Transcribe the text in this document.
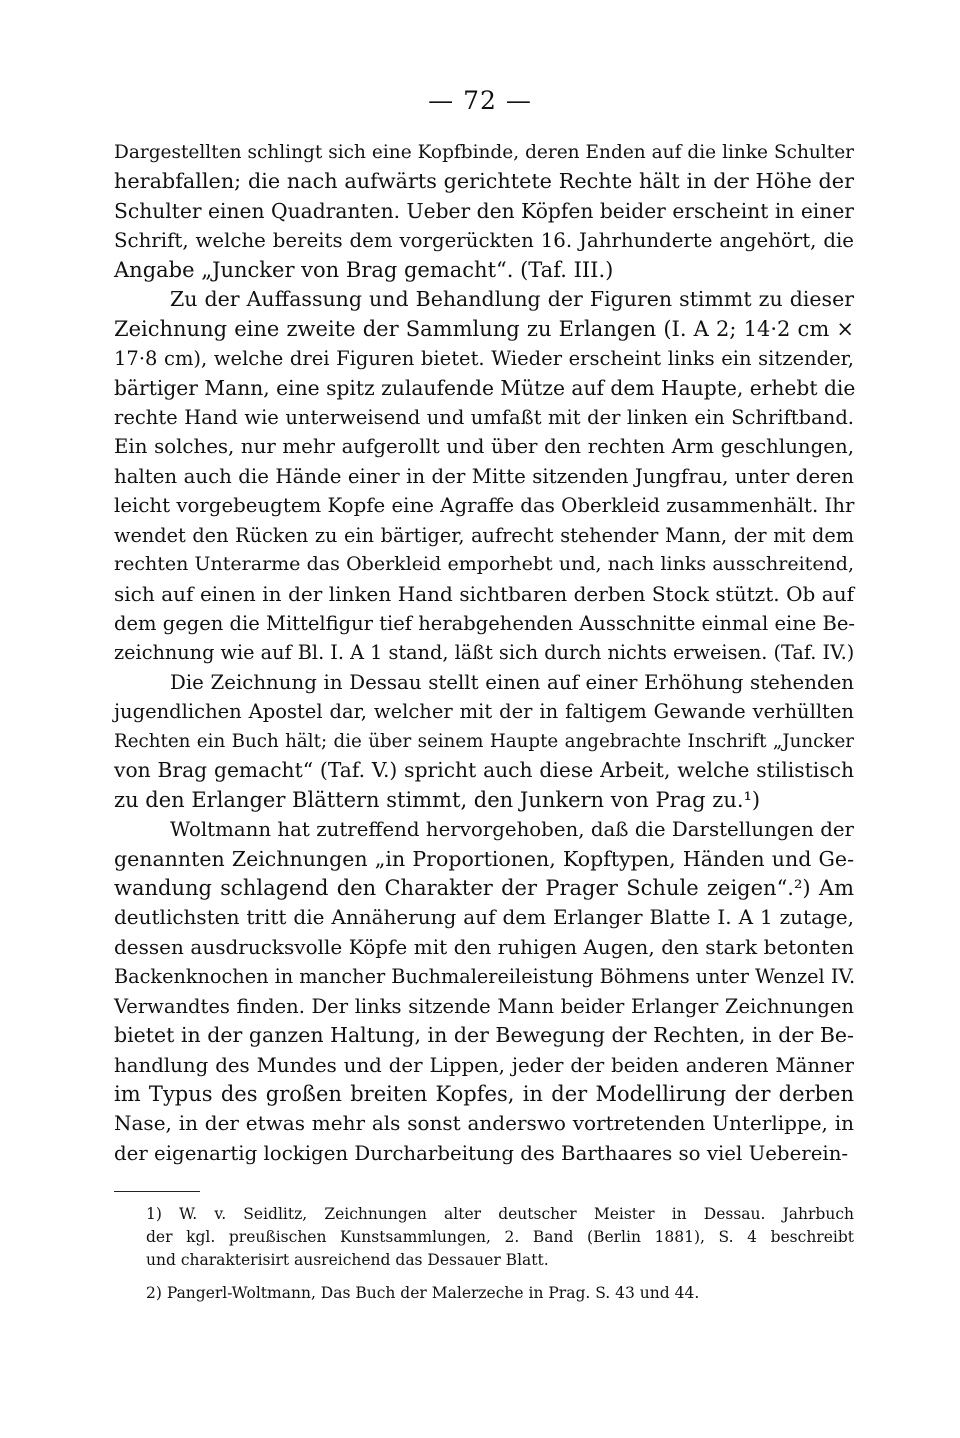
— 72 —
Dargestellten schlingt sich eine Kopfbinde, deren Enden auf die linke Schulter
herabfallen; die nach aufwärts gerichtete Rechte hält in der Höhe der
Schulter einen Quadranten. Ueber den Köpfen beider erscheint in einer
Schrift, welche bereits dem vorgerückten 16. Jahrhunderte angehört, die
Angabe „Juncker von Brag gemacht“. (Taf. III.)
Zu der Auffassung und Behandlung der Figuren stimmt zu dieser
Zeichnung eine zweite der Sammlung zu Erlangen (I. A 2; 14·2 cm ×
17·8 cm), welche drei Figuren bietet. Wieder erscheint links ein sitzender,
bärtiger Mann, eine spitz zulaufende Mütze auf dem Haupte, erhebt die
rechte Hand wie unterweisend und umfaßt mit der linken ein Schriftband.
Ein solches, nur mehr aufgerollt und über den rechten Arm geschlungen,
halten auch die Hände einer in der Mitte sitzenden Jungfrau, unter deren
leicht vorgebeugtem Kopfe eine Agraffe das Oberkleid zusammenhält. Ihr
wendet den Rücken zu ein bärtiger, aufrecht stehender Mann, der mit dem
rechten Unterarme das Oberkleid emporhebt und, nach links ausschreitend,
sich auf einen in der linken Hand sichtbaren derben Stock stützt. Ob auf
dem gegen die Mittelfigur tief herabgehenden Ausschnitte einmal eine Be-
zeichnung wie auf Bl. I. A 1 stand, läßt sich durch nichts erweisen. (Taf. IV.)
Die Zeichnung in Dessau stellt einen auf einer Erhöhung stehenden
jugendlichen Apostel dar, welcher mit der in faltigem Gewande verhüllten
Rechten ein Buch hält; die über seinem Haupte angebrachte Inschrift „Juncker
von Brag gemacht“ (Taf. V.) spricht auch diese Arbeit, welche stilistisch
zu den Erlanger Blättern stimmt, den Junkern von Prag zu.¹)
Woltmann hat zutreffend hervorgehoben, daß die Darstellungen der
genannten Zeichnungen „in Proportionen, Kopftypen, Händen und Ge-
wandung schlagend den Charakter der Prager Schule zeigen“.²) Am
deutlichsten tritt die Annäherung auf dem Erlanger Blatte I. A 1 zutage,
dessen ausdrucksvolle Köpfe mit den ruhigen Augen, den stark betonten
Backenknochen in mancher Buchmalereileistung Böhmens unter Wenzel IV.
Verwandtes finden. Der links sitzende Mann beider Erlanger Zeichnungen
bietet in der ganzen Haltung, in der Bewegung der Rechten, in der Be-
handlung des Mundes und der Lippen, jeder der beiden anderen Männer
im Typus des großen breiten Kopfes, in der Modellirung der derben
Nase, in der etwas mehr als sonst anderswo vortretenden Unterlippe, in
der eigenartig lockigen Durcharbeitung des Barthaares so viel Ueberein-
1) W. v. Seidlitz, Zeichnungen alter deutscher Meister in Dessau. Jahrbuch
der kgl. preußischen Kunstsammlungen, 2. Band (Berlin 1881), S. 4 beschreibt
und charakterisirt ausreichend das Dessauer Blatt.
2) Pangerl-Woltmann, Das Buch der Malerzeche in Prag. S. 43 und 44.
